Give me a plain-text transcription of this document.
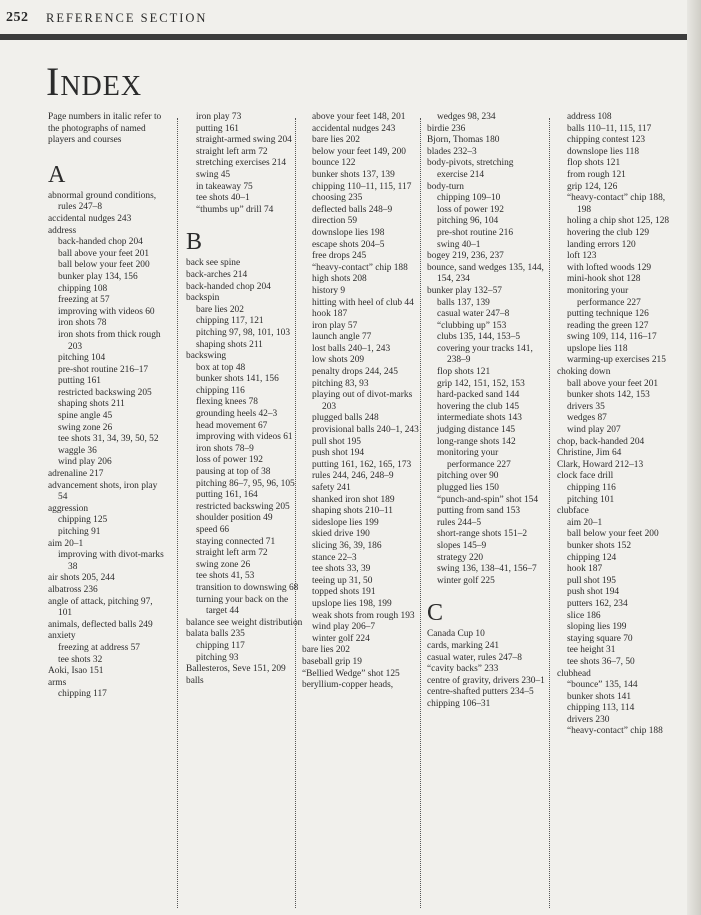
252 REFERENCE SECTION
Index
Page numbers in italic refer to the photographs of named players and courses
A
abnormal ground conditions, rules 247–8
accidental nudges 243
address
back-handed chop 204
ball above your feet 201
ball below your feet 200
bunker play 134, 156
chipping 108
freezing at 57
improving with videos 60
iron shots 78
iron shots from thick rough 203
pitching 104
pre-shot routine 216–17
putting 161
restricted backswing 205
shaping shots 211
spine angle 45
swing zone 26
tee shots 31, 34, 39, 50, 52
waggle 36
wind play 206
adrenaline 217
advancement shots, iron play 54
aggression
chipping 125
pitching 91
aim 20–1
improving with divot-marks 38
air shots 205, 244
albatross 236
angle of attack, pitching 97, 101
animals, deflected balls 249
anxiety
freezing at address 57
tee shots 32
Aoki, Isao 151
arms
chipping 117
iron play 73
putting 161
straight-armed swing 204
straight left arm 72
stretching exercises 214
swing 45
in takeaway 75
tee shots 40–1
“thumbs up” drill 74
B
back see spine
back-arches 214
back-handed chop 204
backspin
bare lies 202
chipping 117, 121
pitching 97, 98, 101, 103
shaping shots 211
backswing
box at top 48
bunker shots 141, 156
chipping 116
flexing knees 78
grounding heels 42–3
head movement 67
improving with videos 61
iron shots 78–9
loss of power 192
pausing at top of 38
pitching 86–7, 95, 96, 105
putting 161, 164
restricted backswing 205
shoulder position 49
speed 66
staying connected 71
straight left arm 72
swing zone 26
tee shots 41, 53
transition to downswing 68
turning your back on the target 44
balance see weight distribution
balata balls 235
chipping 117
pitching 93
Ballesteros, Seve 151, 209
balls
above your feet 148, 201
accidental nudges 243
bare lies 202
below your feet 149, 200
bounce 122
bunker shots 137, 139
chipping 110–11, 115, 117
choosing 235
deflected balls 248–9
direction 59
downslope lies 198
escape shots 204–5
free drops 245
“heavy-contact” chip 188
high shots 208
history 9
hitting with heel of club 44
hook 187
iron play 57
launch angle 77
lost balls 240–1, 243
low shots 209
penalty drops 244, 245
pitching 83, 93
playing out of divot-marks 203
plugged balls 248
provisional balls 240–1, 243
pull shot 195
push shot 194
putting 161, 162, 165, 173
rules 244, 246, 248–9
safety 241
shanked iron shot 189
shaping shots 210–11
sideslope lies 199
skied drive 190
slicing 36, 39, 186
stance 22–3
tee shots 33, 39
teeing up 31, 50
topped shots 191
upslope lies 198, 199
weak shots from rough 193
wind play 206–7
winter golf 224
bare lies 202
baseball grip 19
“Bellied Wedge” shot 125
beryllium-copper heads,
wedges 98, 234
birdie 236
Bjorn, Thomas 180
blades 232–3
body-pivots, stretching exercise 214
body-turn
chipping 109–10
loss of power 192
pitching 96, 104
pre-shot routine 216
swing 40–1
bogey 219, 236, 237
bounce, sand wedges 135, 144, 154, 234
bunker play 132–57
balls 137, 139
casual water 247–8
“clubbing up” 153
clubs 135, 144, 153–5
covering your tracks 141, 238–9
flop shots 121
grip 142, 151, 152, 153
hard-packed sand 144
hovering the club 145
intermediate shots 143
judging distance 145
long-range shots 142
monitoring your performance 227
pitching over 90
plugged lies 150
“punch-and-spin” shot 154
putting from sand 153
rules 244–5
short-range shots 151–2
slopes 145–9
strategy 220
swing 136, 138–41, 156–7
winter golf 225
C
Canada Cup 10
cards, marking 241
casual water, rules 247–8
“cavity backs” 233
centre of gravity, drivers 230–1
centre-shafted putters 234–5
chipping 106–31
address 108
balls 110–11, 115, 117
chipping contest 123
downslope lies 118
flop shots 121
from rough 121
grip 124, 126
“heavy-contact” chip 188, 198
holing a chip shot 125, 128
hovering the club 129
landing errors 120
loft 123
with lofted woods 129
mini-hook shot 128
monitoring your performance 227
putting technique 126
reading the green 127
swing 109, 114, 116–17
upslope lies 118
warming-up exercises 215
choking down
ball above your feet 201
bunker shots 142, 153
drivers 35
wedges 87
wind play 207
chop, back-handed 204
Christine, Jim 64
Clark, Howard 212–13
clock face drill
chipping 116
pitching 101
clubface
aim 20–1
ball below your feet 200
bunker shots 152
chipping 124
hook 187
pull shot 195
push shot 194
putters 162, 234
slice 186
sloping lies 199
staying square 70
tee height 31
tee shots 36–7, 50
clubhead
“bounce” 135, 144
bunker shots 141
chipping 113, 114
drivers 230
“heavy-contact” chip 188
